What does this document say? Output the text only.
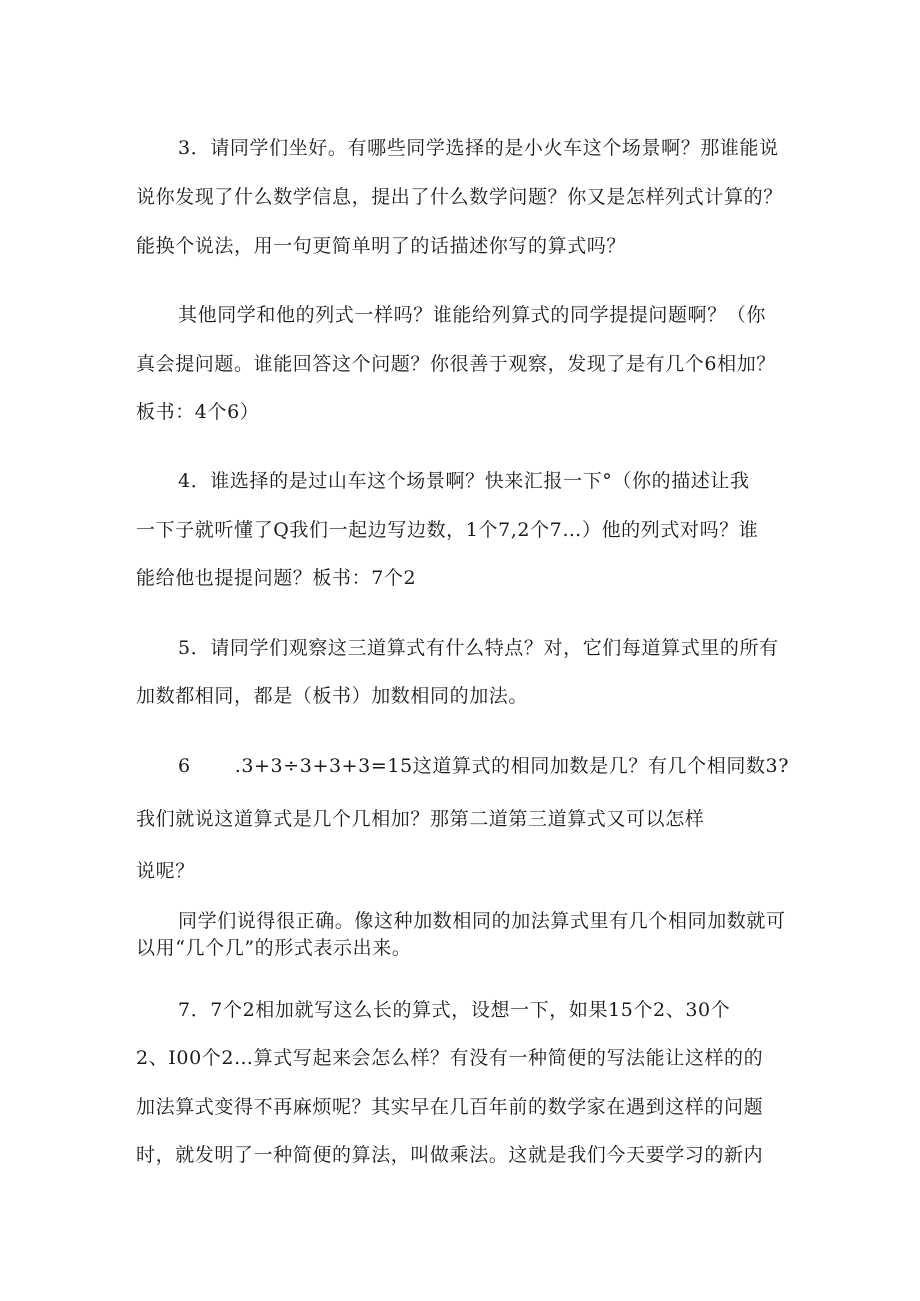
3．请同学们坐好。有哪些同学选择的是小火车这个场景啊？那谁能说

说你发现了什么数学信息，提出了什么数学问题？你又是怎样列式计算的？

能换个说法，用一句更简单明了的话描述你写的算式吗？

其他同学和他的列式一样吗？谁能给列算式的同学提提问题啊？（你

真会提问题。谁能回答这个问题？你很善于观察，发现了是有几个6相加？

板书：4个6）

4．谁选择的是过山车这个场景啊？快来汇报一下°（你的描述让我

一下子就听懂了Q我们一起边写边数，1个7,2个7…）他的列式对吗？谁

能给他也提提问题？板书：7个2

5．请同学们观察这三道算式有什么特点？对，它们每道算式里的所有

加数都相同，都是（板书）加数相同的加法。

6 .3+3÷3+3+3=15这道算式的相同加数是几？有几个相同数3?

我们就说这道算式是几个几相加？那第二道第三道算式又可以怎样

说呢？

同学们说得很正确。像这种加数相同的加法算式里有几个相同加数就可

以用“几个几”的形式表示出来。

7．7个2相加就写这么长的算式，设想一下，如果15个2、30个

2、I00个2…算式写起来会怎么样？有没有一种简便的写法能让这样的的

加法算式变得不再麻烦呢？其实早在几百年前的数学家在遇到这样的问题

时，就发明了一种简便的算法，叫做乘法。这就是我们今天要学习的新内
